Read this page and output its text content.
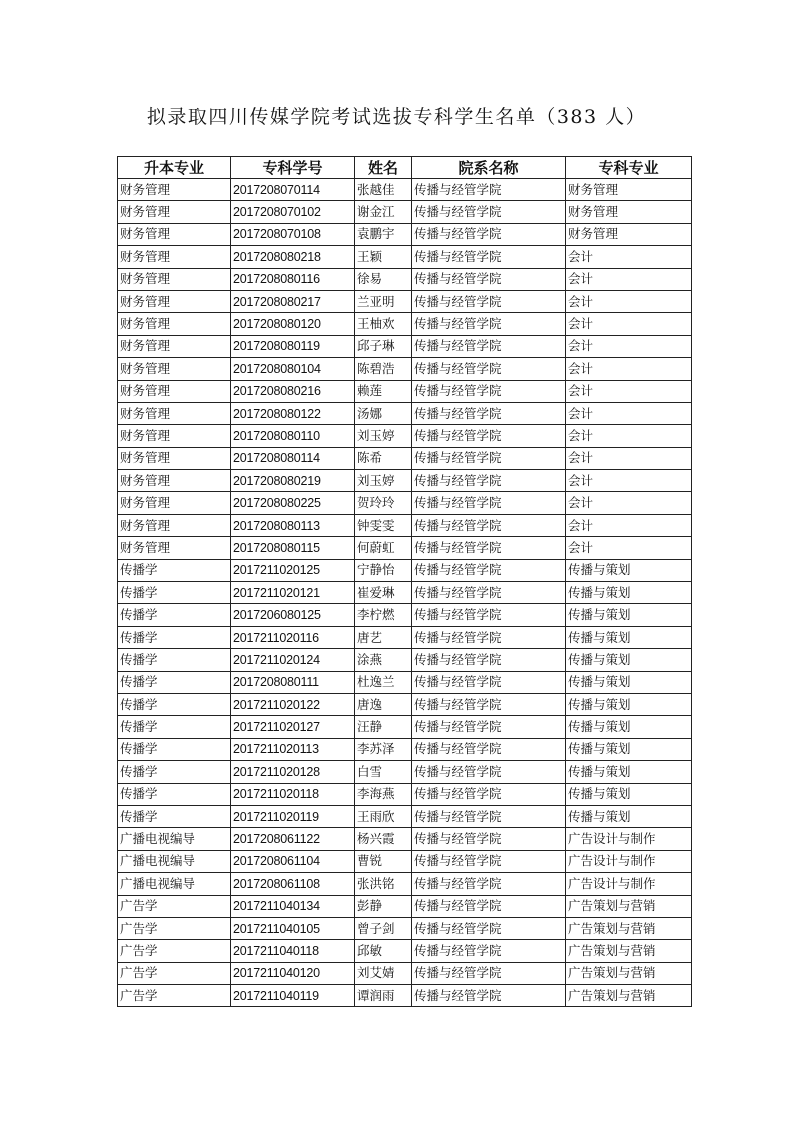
拟录取四川传媒学院考试选拔专科学生名单（383 人）
升本专业	专科学号	姓名	院系名称	专科专业
财务管理	2017208070114	张越佳	传播与经管学院	财务管理
财务管理	2017208070102	谢金江	传播与经管学院	财务管理
财务管理	2017208070108	袁鹏宇	传播与经管学院	财务管理
财务管理	2017208080218	王颖	传播与经管学院	会计
财务管理	2017208080116	徐易	传播与经管学院	会计
财务管理	2017208080217	兰亚明	传播与经管学院	会计
财务管理	2017208080120	王柚欢	传播与经管学院	会计
财务管理	2017208080119	邱子琳	传播与经管学院	会计
财务管理	2017208080104	陈碧浩	传播与经管学院	会计
财务管理	2017208080216	赖莲	传播与经管学院	会计
财务管理	2017208080122	汤娜	传播与经管学院	会计
财务管理	2017208080110	刘玉婷	传播与经管学院	会计
财务管理	2017208080114	陈希	传播与经管学院	会计
财务管理	2017208080219	刘玉婷	传播与经管学院	会计
财务管理	2017208080225	贺玲玲	传播与经管学院	会计
财务管理	2017208080113	钟雯雯	传播与经管学院	会计
财务管理	2017208080115	何蔚虹	传播与经管学院	会计
传播学	2017211020125	宁静怡	传播与经管学院	传播与策划
传播学	2017211020121	崔爱琳	传播与经管学院	传播与策划
传播学	2017206080125	李柠燃	传播与经管学院	传播与策划
传播学	2017211020116	唐艺	传播与经管学院	传播与策划
传播学	2017211020124	涂燕	传播与经管学院	传播与策划
传播学	2017208080111	杜逸兰	传播与经管学院	传播与策划
传播学	2017211020122	唐逸	传播与经管学院	传播与策划
传播学	2017211020127	汪静	传播与经管学院	传播与策划
传播学	2017211020113	李苏泽	传播与经管学院	传播与策划
传播学	2017211020128	白雪	传播与经管学院	传播与策划
传播学	2017211020118	李海燕	传播与经管学院	传播与策划
传播学	2017211020119	王雨欣	传播与经管学院	传播与策划
广播电视编导	2017208061122	杨兴霞	传播与经管学院	广告设计与制作
广播电视编导	2017208061104	曹锐	传播与经管学院	广告设计与制作
广播电视编导	2017208061108	张洪铭	传播与经管学院	广告设计与制作
广告学	2017211040134	彭静	传播与经管学院	广告策划与营销
广告学	2017211040105	曾子剑	传播与经管学院	广告策划与营销
广告学	2017211040118	邱敏	传播与经管学院	广告策划与营销
广告学	2017211040120	刘艾婧	传播与经管学院	广告策划与营销
广告学	2017211040119	谭润雨	传播与经管学院	广告策划与营销
